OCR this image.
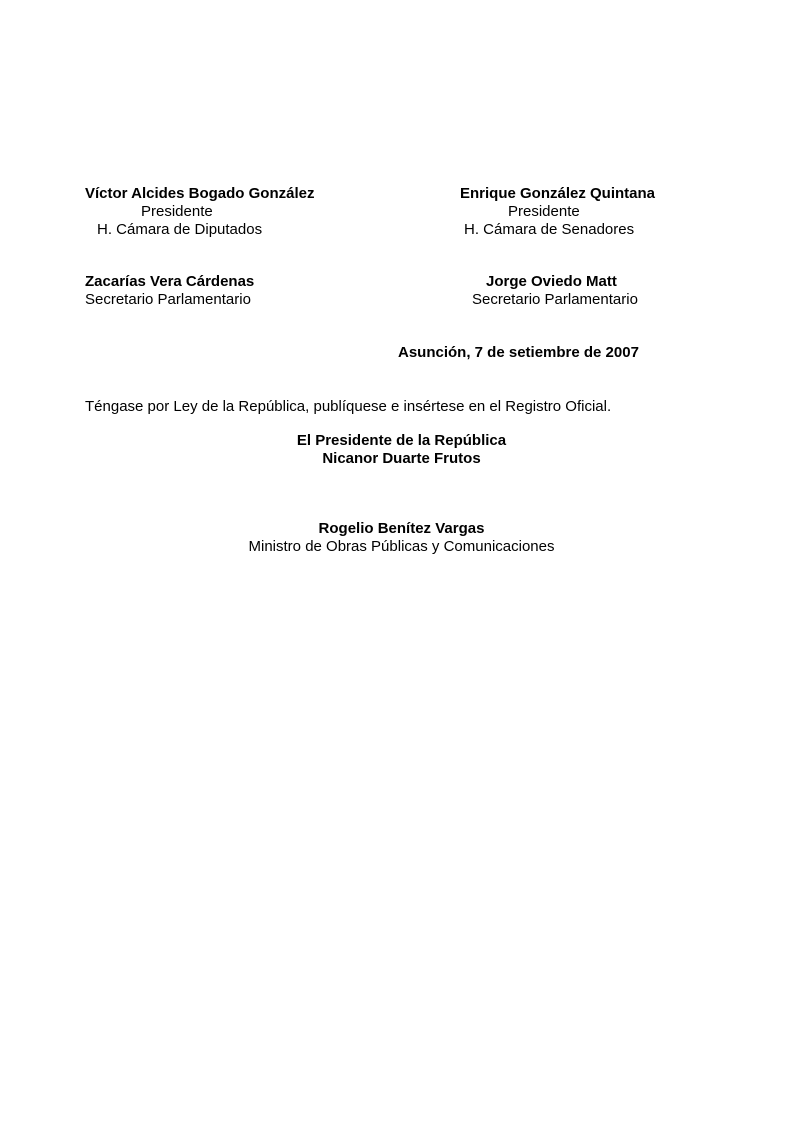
Víctor Alcides Bogado González
Presidente
H. Cámara de Diputados
Enrique González Quintana
Presidente
H. Cámara de Senadores
Zacarías Vera Cárdenas
Secretario Parlamentario
Jorge Oviedo Matt
Secretario Parlamentario
Asunción, 7 de setiembre de 2007
Téngase por Ley de la República, publíquese e insértese en el Registro Oficial.
El Presidente de la República
Nicanor Duarte Frutos
Rogelio Benítez Vargas
Ministro de Obras Públicas y Comunicaciones
